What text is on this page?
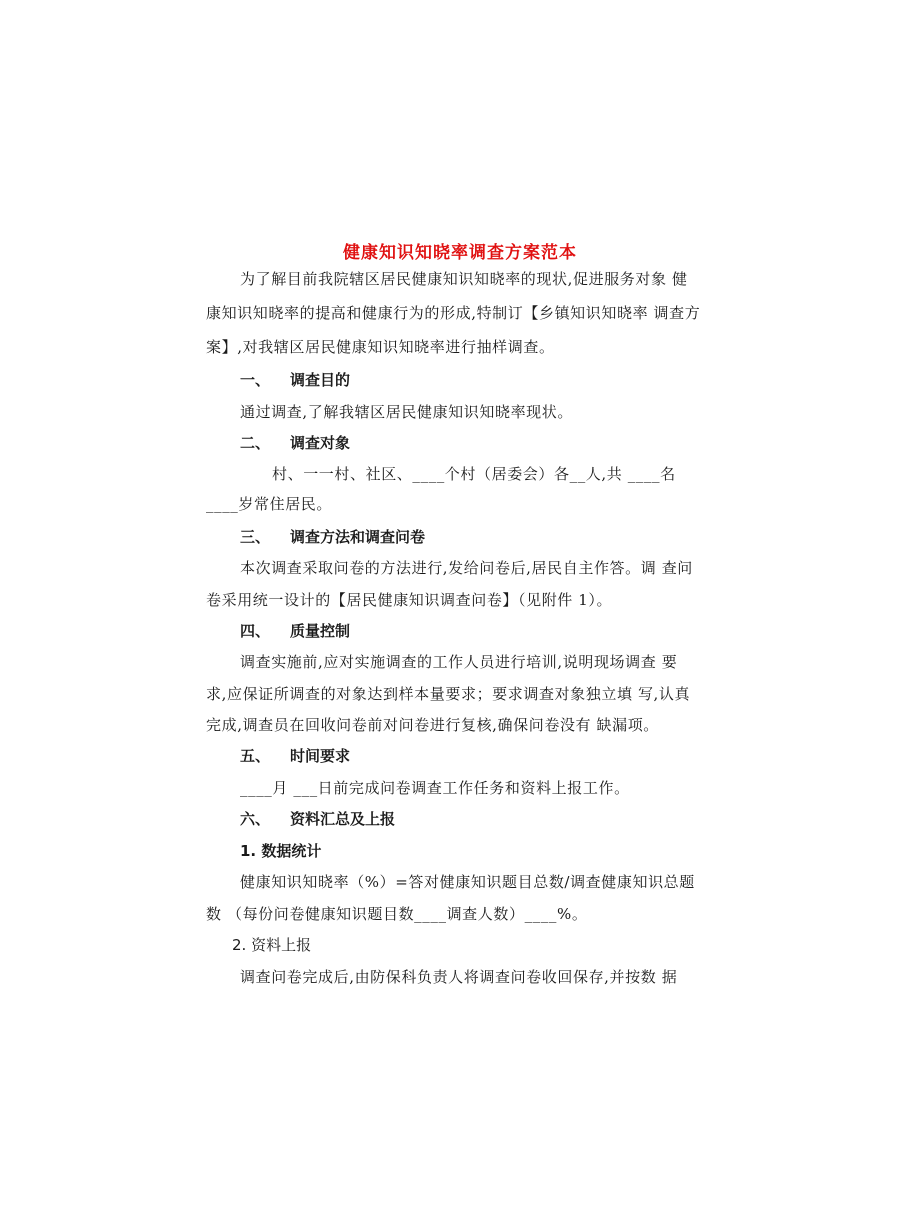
健康知识知晓率调查方案范本
为了解目前我院辖区居民健康知识知晓率的现状,促进服务对象 健
康知识知晓率的提高和健康行为的形成,特制订【乡镇知识知晓率 调查方
案】,对我辖区居民健康知识知晓率进行抽样调查。
一、 调查目的
通过调查,了解我辖区居民健康知识知晓率现状。
二、 调查对象
村、一一村、社区、____个村（居委会）各__人,共 ____名
____岁常住居民。
三、 调查方法和调查问卷
本次调查采取问卷的方法进行,发给问卷后,居民自主作答。调 查问
卷采用统一设计的【居民健康知识调查问卷】（见附件 1）。
四、 质量控制
调查实施前,应对实施调查的工作人员进行培训,说明现场调查 要
求,应保证所调查的对象达到样本量要求；要求调查对象独立填 写,认真
完成,调查员在回收问卷前对问卷进行复核,确保问卷没有 缺漏项。
五、 时间要求
____月 ___日前完成问卷调查工作任务和资料上报工作。
六、 资料汇总及上报
1. 数据统计
健康知识知晓率（%）=答对健康知识题目总数/调查健康知识总题
数 （每份问卷健康知识题目数____调查人数）____%。
2. 资料上报
调查问卷完成后,由防保科负责人将调查问卷收回保存,并按数 据
